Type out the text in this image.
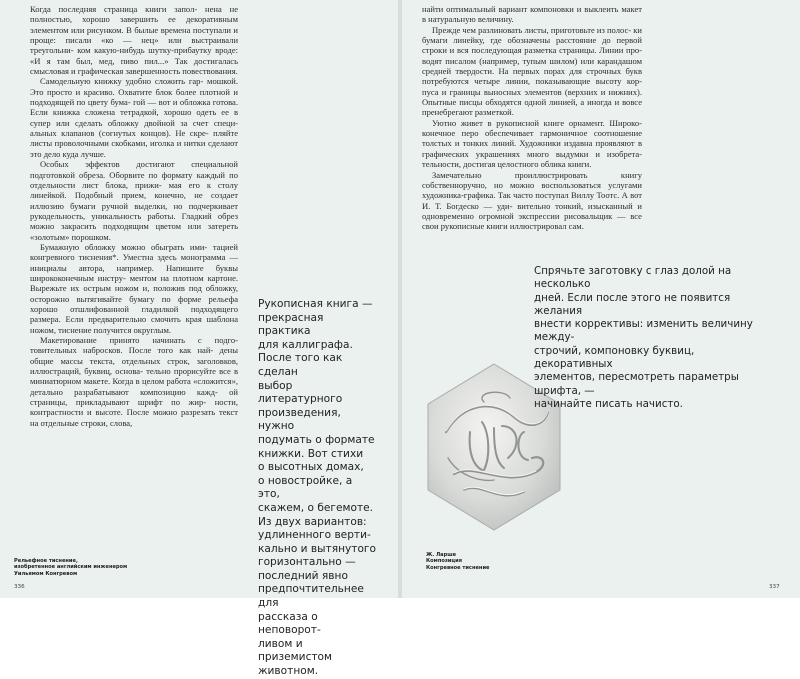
Когда последняя страница книги запол- нена не полностью, хорошо завершить ее декоративным элементом или рисунком. В былые времена поступали и проще: писали «ко — нец» или выстраивали треугольни- ком какую-нибудь шутку-прибаутку вроде: «И я там был, мед, пиво пил...» Так достигалась смысловая и графическая завершенность повествования.

Самодельную книжку удобно сложить гар- мошкой. Это просто и красиво. Охватите блок более плотной и подходящей по цвету бума- гой — вот и обложка готова. Если книжка сложена тетрадкой, хорошо одеть ее в супер или сделать обложку двойной за счет специ- альных клапанов (согнутых концов). Не скре- пляйте листы проволочными скобками, иголка и нитки сделают это дело куда лучше.

Особых эффектов достигают специальной подготовкой обреза. Оборвите по формату каждый по отдельности лист блока, прижи- мая его к столу линейкой. Подобный прием, конечно, не создает иллюзию бумаги ручной выделки, но подчеркивает рукодельность, уникальность работы. Гладкий обрез можно закрасить подходящим цветом или затереть «золотым» порошком.

Бумажную обложку можно обыграть ими- тацией конгревного тиснения*. Уместна здесь монограмма — инициалы автора, например. Напишите буквы ширококонечным инстру- ментом на плотном картоне. Вырежьте их острым ножом и, положив под обложку, осторожно вытягивайте бумагу по форме рельефа хорошо отшлифованной гладилкой подходящего размера. Если предварительно смочить края шаблона ножом, тиснение получится округлым.

Макетирование принято начинать с подго- товительных набросков. После того как най- дены общие массы текста, отдельных строк, заголовков, иллюстраций, буквиц, основа- тельно прорисуйте все в миниатюрном макете. Когда в целом работа «сложится», детально разрабатывают композицию кажд- ой страницы, прикладывают шрифт по жир- ности, контрастности и высоте. После можно разрезать текст на отдельные строки, слова,

Рукописная книга —
прекрасная практика
для каллиграфа.
После того как сделан
выбор литературного
произведения, нужно
подумать о формате
книжки. Вот стихи
о высотных домах,
о новостройке, а это,
скажем, о бегемоте.
Из двух вариантов:
удлиненного верти-
кально и вытянутого
горизонтально —
последний явно
предпочтительнее для
рассказа о неповорот-
ливом и приземистом
животном.

Рельефное тиснение,
изобретенное английским инженером
Уильямом Конгревом
336

найти оптимальный вариант компоновки и выклеить макет в натуральную величину.

Прежде чем разлиновать листы, приготовьте из полос- ки бумаги линейку, где обозначены расстояние до первой строки и вся последующая разметка страницы. Линии про- водят писалом (например, тупым шилом) или карандашом средней твердости. На первых порах для строчных букв потребуются четыре линии, показывающие высоту кор- пуса и границы выносных элементов (верхних и нижних). Опытные писцы обходятся одной линией, а иногда и вовсе пренебрегают разметкой.

Уютно живет в рукописной книге орнамент. Широко- конечное перо обеспечивает гармоничное соотношение толстых и тонких линий. Художники издавна проявляют в графических украшениях много выдумки и изобрета- тельности, достигая целостного облика книги.

Замечательно проиллюстрировать книгу собственноручно, но можно воспользоваться услугами художника-графика. Так часто поступал Виллу Тоотс. А вот И. Т. Богдеско — уди- вительно тонкий, изысканный и одновременно огромной экспрессии рисовальщик — все свои рукописные книги иллюстрировал сам.

Спрячьте заготовку с глаз долой на несколько
дней. Если после этого не появится желания
внести коррективы: изменить величину между-
строчий, компоновку буквиц, декоративных
элементов, пересмотреть параметры шрифта, —
начинайте писать начисто.

Ж. Ларше
Композиция
Конгревное тиснение
337
